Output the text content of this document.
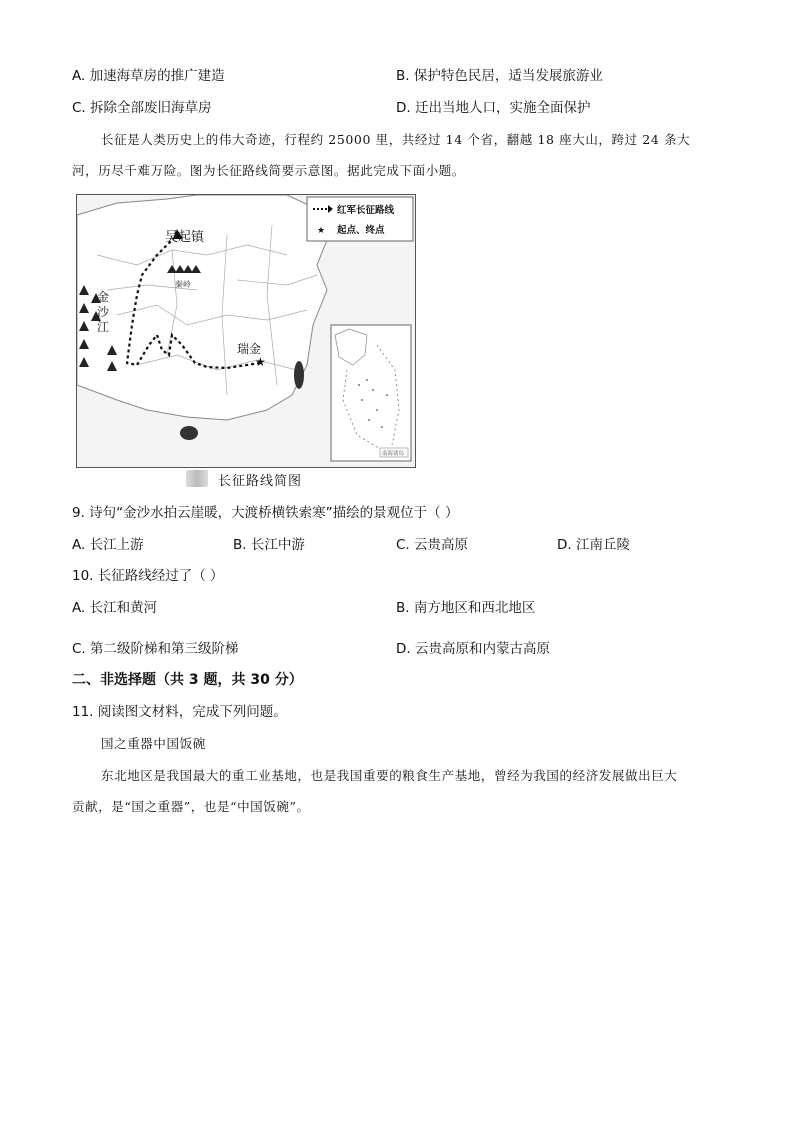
A. 加速海草房的推广建造	B. 保护特色民居，适当发展旅游业
C. 拆除全部废旧海草房	D. 迁出当地人口，实施全面保护
长征是人类历史上的伟大奇迹，行程约 25000 里，共经过 14 个省，翻越 18 座大山，跨过 24 条大
河，历尽千难万险。图为长征路线简要示意图。据此完成下面小题。
★
吴起镇
秦岭
瑞金
金沙江
红军长征路线
★ 起点、终点
南海诸岛
长征路线简图
9. 诗句“金沙水拍云崖暖，大渡桥横铁索寒”描绘的景观位于（ ）
A. 长江上游	B. 长江中游	C. 云贵高原	D. 江南丘陵
10. 长征路线经过了（ ）
A. 长江和黄河	B. 南方地区和西北地区
C. 第二级阶梯和第三级阶梯	D. 云贵高原和内蒙古高原
二、非选择题（共 3 题，共 30 分）
11. 阅读图文材料，完成下列问题。
国之重器中国饭碗
东北地区是我国最大的重工业基地，也是我国重要的粮食生产基地，曾经为我国的经济发展做出巨大
贡献，是“国之重器”，也是“中国饭碗”。
